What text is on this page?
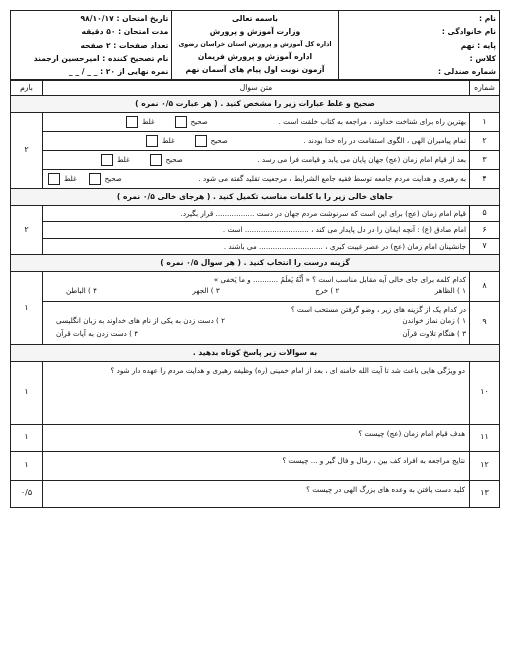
نام :
نام خانوادگی :
پایه : نهم
کلاس :
شماره صندلی :

باسمه تعالی
وزارت آموزش و پرورش
اداره کل آموزش و پرورش استان خراسان رضوی
اداره آموزش و پرورش فریمان
آزمون نوبت اول پیام های آسمان نهم

تاریخ امتحان : ۹۸/۱۰/۱۷
مدت امتحان : ۵۰ دقیقه
تعداد صفحات : ۲ صفحه
نام تصحیح کننده : امیرحسین ارجمند
نمره نهایی از ۲۰ : _ _ / _ _
شماره	متن سوال	بارم
صحیح و غلط عبارات زیر را مشخص کنید . ( هر عبارت ۰/۵ نمره )		
۱	بهترین راه برای شناخت خداوند ، مراجعه به کتاب خلقت است .
صحیح
غلط	۲
۲	تمام پیامبران الهی ، الگوی استقامت در راه خدا بودند .
صحیح
غلط	

۳	بعد از قیام امام زمان (عج) جهان پایان می یابد و قیامت فرا می رسد .
صحیح
غلط	

۴	به رهبری و هدایت مردم جامعه توسط فقیه جامع الشرایط ، مرجعیت تقلید گفته می شود .
صحیح
غلط	

جاهای خالی زیر را با کلمات مناسب تکمیل کنید . ( هرجای خالی ۰/۵ نمره )		
۵	قیام امام زمان (عج) برای این است که سرنوشت مردم جهان در دست ................. قرار بگیرد.	۲
۶	امام صادق (ع) : آنچه ایمان را در دل پایدار می کند ، ............................ است .	
۷	جانشینان امام زمان (عج) در عصر غیبت کبری ، ............................ می باشند .	
گزینه درست را انتخاب کنید . ( هر سوال ۰/۵ نمره )		
۸	کدام کلمه برای جای خالی آیه مقابل مناسب است ؟ « أَنَّهُ یَعلَمُ ........... و ما یَخفی »
۱ ) الظاهر
۲ ) خرج
۳ ) الجهر
۴ ) الباطن	۱
۹	در کدام یک از گزینه های زیر ، وضو گرفتن مستحب است ؟
۱ ) زمان نماز خواندن
۲ ) دست زدن به یکی از نام های خداوند به زبان انگلیسی
۳ ) هنگام تلاوت قرآن
۴ ) دست زدن به آیات قرآن	

به سوالات زیر پاسخ کوتاه بدهید .		
۱۰	دو ویژگی هایی باعث شد تا آیت الله خامنه ای ، بعد از امام خمینی (ره) وظیفه رهبری و هدایت مردم را عهده دار شود ؟	۱
۱۱	هدف قیام امام زمان (عج) چیست ؟	۱
۱۲	نتایج مراجعه به افراد کف بین ، رمال و فال گیر و ... چیست ؟	۱
۱۳	کلید دست یافتن به وعده های بزرگ الهی در چیست ؟	۰/۵
